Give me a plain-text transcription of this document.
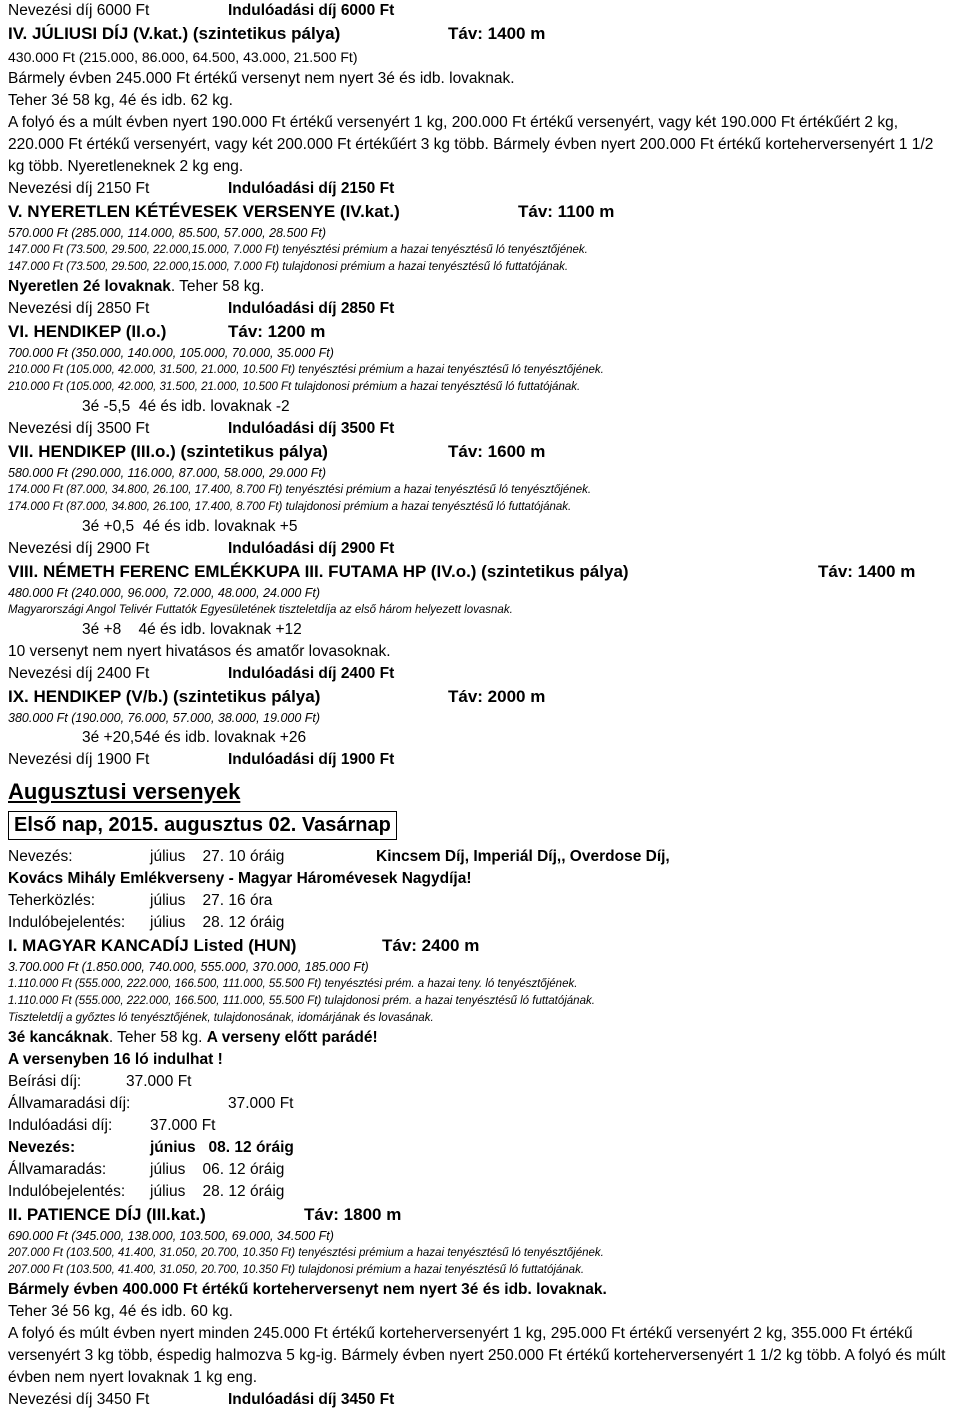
Nevezési díj 6000 Ft	Indulóadási díj 6000 Ft
IV. JÚLIUSI DÍJ (V.kat.) (szintetikus pálya)	Táv: 1400 m
430.000 Ft (215.000, 86.000, 64.500, 43.000, 21.500 Ft)
Bármely évben 245.000 Ft értékű versenyt nem nyert 3é és idb. lovaknak.
Teher 3é 58 kg, 4é és idb. 62 kg.
A folyó és a múlt évben nyert 190.000 Ft értékű versenyért 1 kg, 200.000 Ft értékű versenyért, vagy két 190.000 Ft értékűért 2 kg, 220.000 Ft értékű versenyért, vagy két 200.000 Ft értékűért 3 kg több. Bármely évben nyert 200.000 Ft értékű korteherversenyért 1 1/2 kg több. Nyeretleneknek 2 kg eng.
Nevezési díj 2150 Ft	Indulóadási díj 2150 Ft
V. NYERETLEN KÉTÉVESEK VERSENYE (IV.kat.)	Táv: 1100 m
570.000 Ft (285.000, 114.000, 85.500, 57.000, 28.500 Ft)
147.000 Ft (73.500, 29.500, 22.000,15.000, 7.000 Ft) tenyésztési prémium a hazai tenyésztésű ló tenyésztőjének.
147.000 Ft (73.500, 29.500, 22.000,15.000, 7.000 Ft) tulajdonosi prémium a hazai tenyésztésű ló futtatójának.
Nyeretlen 2é lovaknak. Teher 58 kg.
Nevezési díj 2850 Ft	Indulóadási díj 2850 Ft
VI. HENDIKEP (II.o.)	Táv: 1200 m
700.000 Ft (350.000, 140.000, 105.000, 70.000, 35.000 Ft)
210.000 Ft (105.000, 42.000, 31.500, 21.000, 10.500 Ft) tenyésztési prémium a hazai tenyésztésű ló tenyésztőjének.
210.000 Ft (105.000, 42.000, 31.500, 21.000, 10.500 Ft tulajdonosi prémium a hazai tenyésztésű ló futtatójának.
3é -5,5  4é és idb. lovaknak -2
Nevezési díj 3500 Ft	Indulóadási díj 3500 Ft
VII. HENDIKEP (III.o.) (szintetikus pálya)	Táv: 1600 m
580.000 Ft (290.000, 116.000, 87.000, 58.000, 29.000 Ft)
174.000 Ft (87.000, 34.800, 26.100, 17.400, 8.700 Ft) tenyésztési prémium a hazai tenyésztésű ló tenyésztőjének.
174.000 Ft (87.000, 34.800, 26.100, 17.400, 8.700 Ft) tulajdonosi prémium a hazai tenyésztésű ló futtatójának.
3é +0,5  4é és idb. lovaknak +5
Nevezési díj 2900 Ft	Indulóadási díj 2900 Ft
VIII. NÉMETH FERENC EMLÉKKUPA III. FUTAMA HP (IV.o.) (szintetikus pálya)	Táv: 1400 m
480.000 Ft (240.000, 96.000, 72.000, 48.000, 24.000 Ft)
Magyarországi Angol Telivér Futtatók Egyesületének tiszteletdíja az első három helyezett lovasnak.
3é +8    4é és idb. lovaknak +12
10 versenyt nem nyert hivatásos és amatőr lovasoknak.
Nevezési díj 2400 Ft	Indulóadási díj 2400 Ft
IX. HENDIKEP (V/b.) (szintetikus pálya)	Táv: 2000 m
380.000 Ft (190.000, 76.000, 57.000, 38.000, 19.000 Ft)
3é +20,54é és idb. lovaknak +26
Nevezési díj 1900 Ft	Indulóadási díj 1900 Ft
Augusztusi versenyek
Első nap, 2015. augusztus 02. Vasárnap
Nevezés:	július    27. 10 óráig	Kincsem Díj, Imperiál Díj,, Overdose Díj,
Kovács Mihály Emlékverseny - Magyar Háromévesek Nagydíja!
Teherközlés:	július    27. 16 óra
Indulóbejelentés: július    28. 12 óráig
I. MAGYAR KANCADÍJ Listed (HUN)	Táv: 2400 m
3.700.000 Ft (1.850.000, 740.000, 555.000, 370.000, 185.000 Ft)
1.110.000 Ft (555.000, 222.000, 166.500, 111.000, 55.500 Ft) tenyésztési prém. a hazai teny. ló tenyésztőjének.
1.110.000 Ft (555.000, 222.000, 166.500, 111.000, 55.500 Ft) tulajdonosi prém. a hazai tenyésztésű ló futtatójának.
Tiszteletdíj a győztes ló tenyésztőjének, tulajdonosának, idomárjának és lovasának.
3é kancáknak. Teher 58 kg. A verseny előtt parádé!
A versenyben 16 ló indulhat !
Beírási díj:	37.000 Ft
Állvamaradási díj:	37.000 Ft
Indulóadási díj: 37.000 Ft
Nevezés:	június   08. 12 óráig
Állvamaradás:	július    06. 12 óráig
Indulóbejelentés: július    28. 12 óráig
II. PATIENCE DÍJ (III.kat.)	Táv: 1800 m
690.000 Ft (345.000, 138.000, 103.500, 69.000, 34.500 Ft)
207.000 Ft (103.500, 41.400, 31.050, 20.700, 10.350 Ft) tenyésztési prémium a hazai tenyésztésű ló tenyésztőjének.
207.000 Ft (103.500, 41.400, 31.050, 20.700, 10.350 Ft) tulajdonosi prémium a hazai tenyésztésű ló futtatójának.
Bármely évben 400.000 Ft értékű korteherversenyt nem nyert 3é és idb. lovaknak.
Teher 3é 56 kg, 4é és idb. 60 kg.
A folyó és múlt évben nyert minden 245.000 Ft értékű korteherversenyért 1 kg, 295.000 Ft értékű versenyért 2 kg, 355.000 Ft értékű versenyért 3 kg több, éspedig halmozva 5 kg-ig. Bármely évben nyert 250.000 Ft értékű korteherversenyért 1 1/2 kg több. A folyó és múlt évben nem nyert lovaknak 1 kg eng.
Nevezési díj 3450 Ft	Indulóadási díj 3450 Ft
